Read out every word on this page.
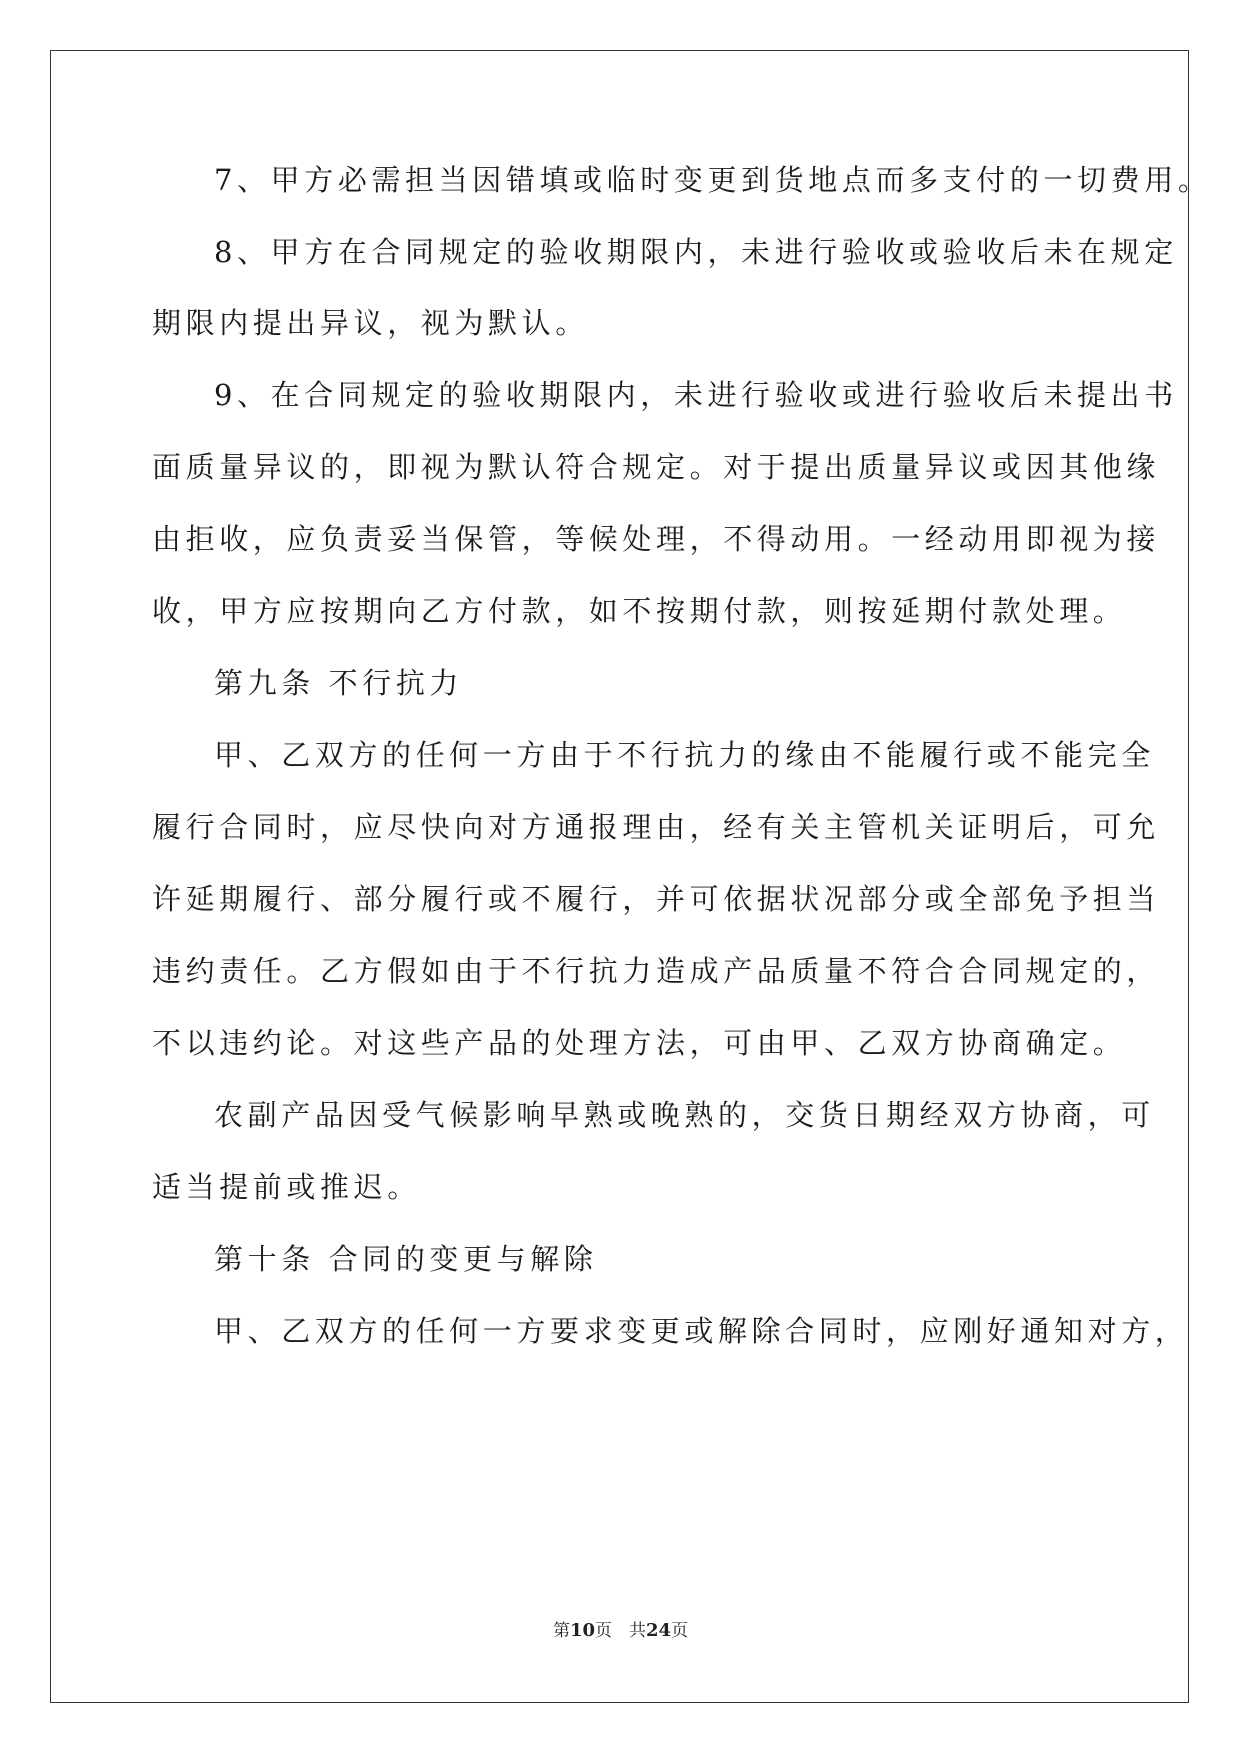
7、甲方必需担当因错填或临时变更到货地点而多支付的一切费用。
8、甲方在合同规定的验收期限内，未进行验收或验收后未在规定
期限内提出异议，视为默认。
9、在合同规定的验收期限内，未进行验收或进行验收后未提出书
面质量异议的，即视为默认符合规定。对于提出质量异议或因其他缘
由拒收，应负责妥当保管，等候处理，不得动用。一经动用即视为接
收，甲方应按期向乙方付款，如不按期付款，则按延期付款处理。
第九条 不行抗力
甲、乙双方的任何一方由于不行抗力的缘由不能履行或不能完全
履行合同时，应尽快向对方通报理由，经有关主管机关证明后，可允
许延期履行、部分履行或不履行，并可依据状况部分或全部免予担当
违约责任。乙方假如由于不行抗力造成产品质量不符合合同规定的，
不以违约论。对这些产品的处理方法，可由甲、乙双方协商确定。
农副产品因受气候影响早熟或晚熟的，交货日期经双方协商，可
适当提前或推迟。
第十条 合同的变更与解除
甲、乙双方的任何一方要求变更或解除合同时，应刚好通知对方，
第10页　共24页
